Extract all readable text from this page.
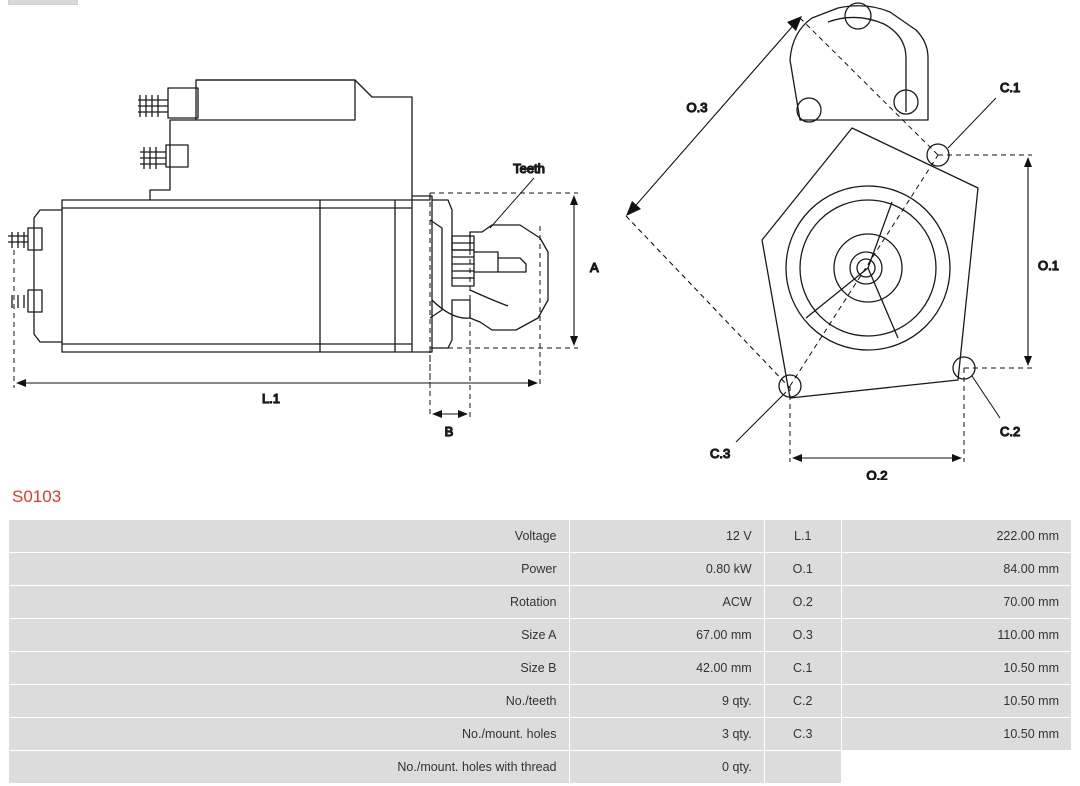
Teeth
A
L.1
B
O.1
O.2
O.3
C.1
C.2
C.3
S0103
Voltage	12 V	L.1	222.00 mm
Power	0.80 kW	O.1	84.00 mm
Rotation	ACW	O.2	70.00 mm
Size A	67.00 mm	O.3	110.00 mm
Size B	42.00 mm	C.1	10.50 mm
No./teeth	9 qty.	C.2	10.50 mm
No./mount. holes	3 qty.	C.3	10.50 mm
No./mount. holes with thread	0 qty.		
